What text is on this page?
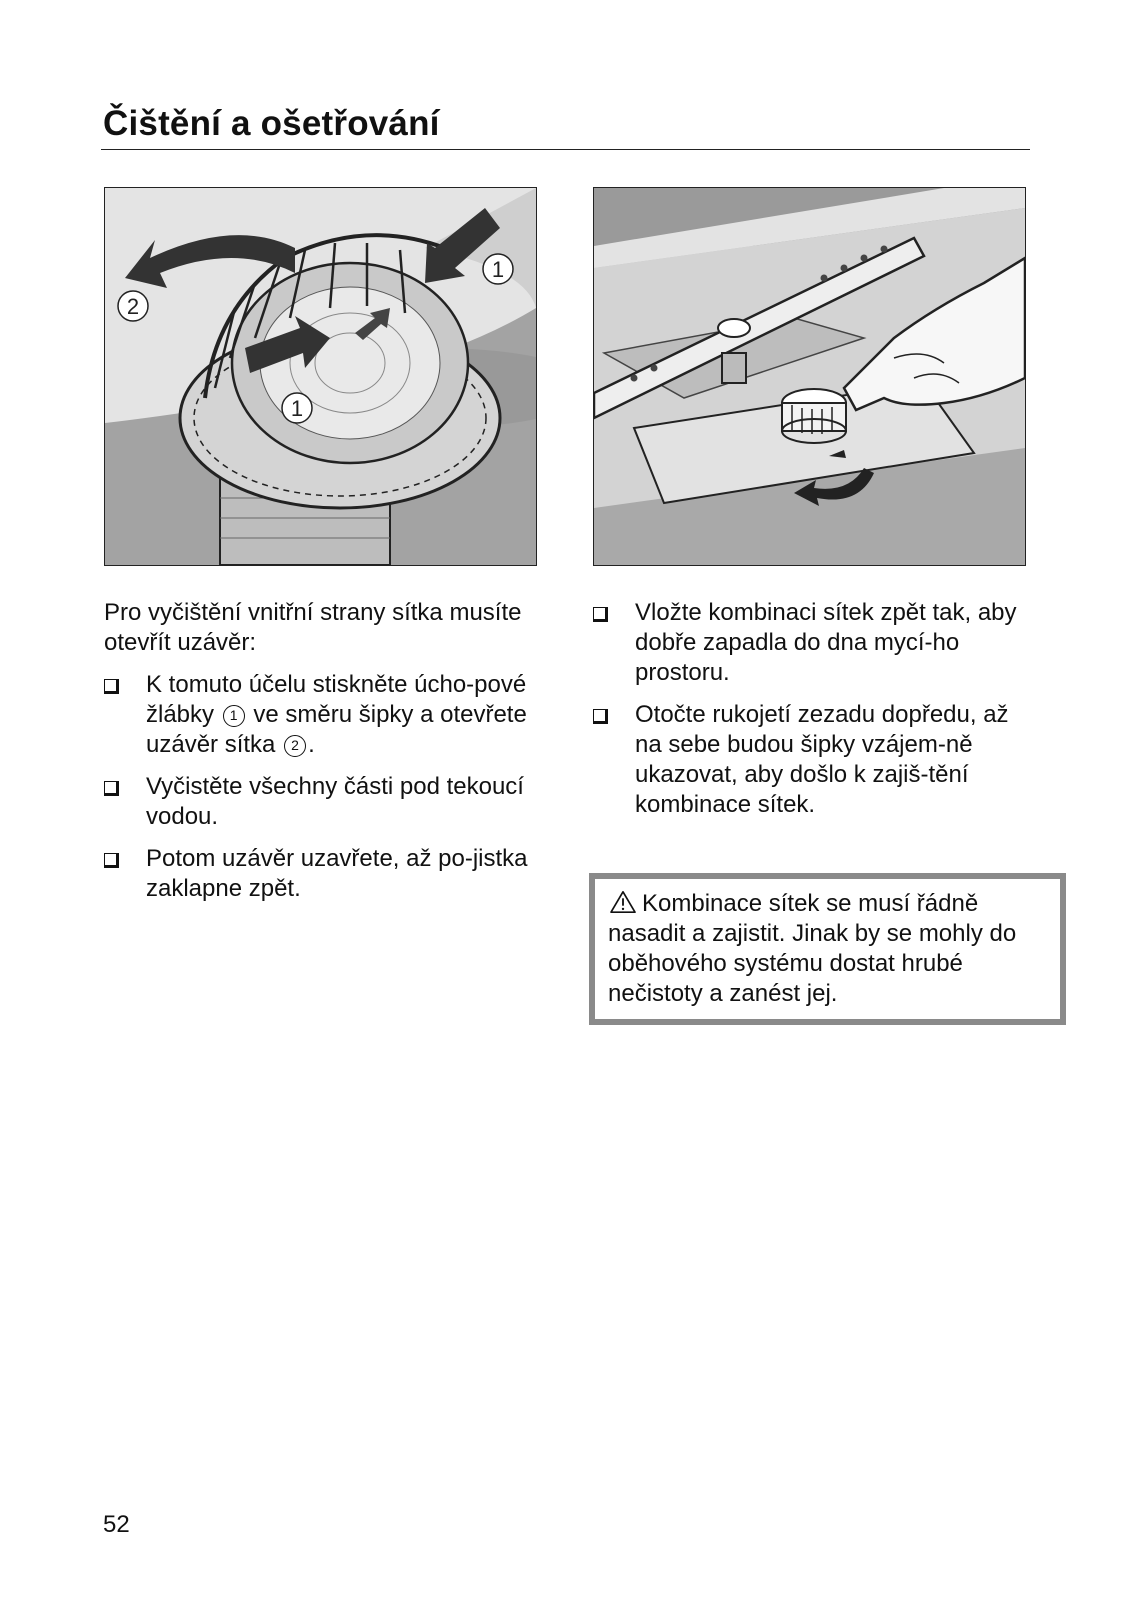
Čištění a ošetřování
2
1
1

Pro vyčištění vnitřní strany sítka musíte otevřít uzávěr:

K tomuto účelu stiskněte úcho-pové žlábky 1 ve směru šipky a otevřete uzávěr sítka 2 .
Vyčistěte všechny části pod tekoucí vodou.
Potom uzávěr uzavřete, až po-jistka zaklapne zpět.
Vložte kombinaci sítek zpět tak, aby dobře zapadla do dna mycí-ho prostoru.
Otočte rukojetí zezadu dopředu, až na sebe budou šipky vzájem-ně ukazovat, aby došlo k zajiš-tění kombinace sítek.
Kombinace sítek se musí řádně nasadit a zajistit. Jinak by se mohly do oběhového systému dostat hrubé nečistoty a zanést jej.
52
